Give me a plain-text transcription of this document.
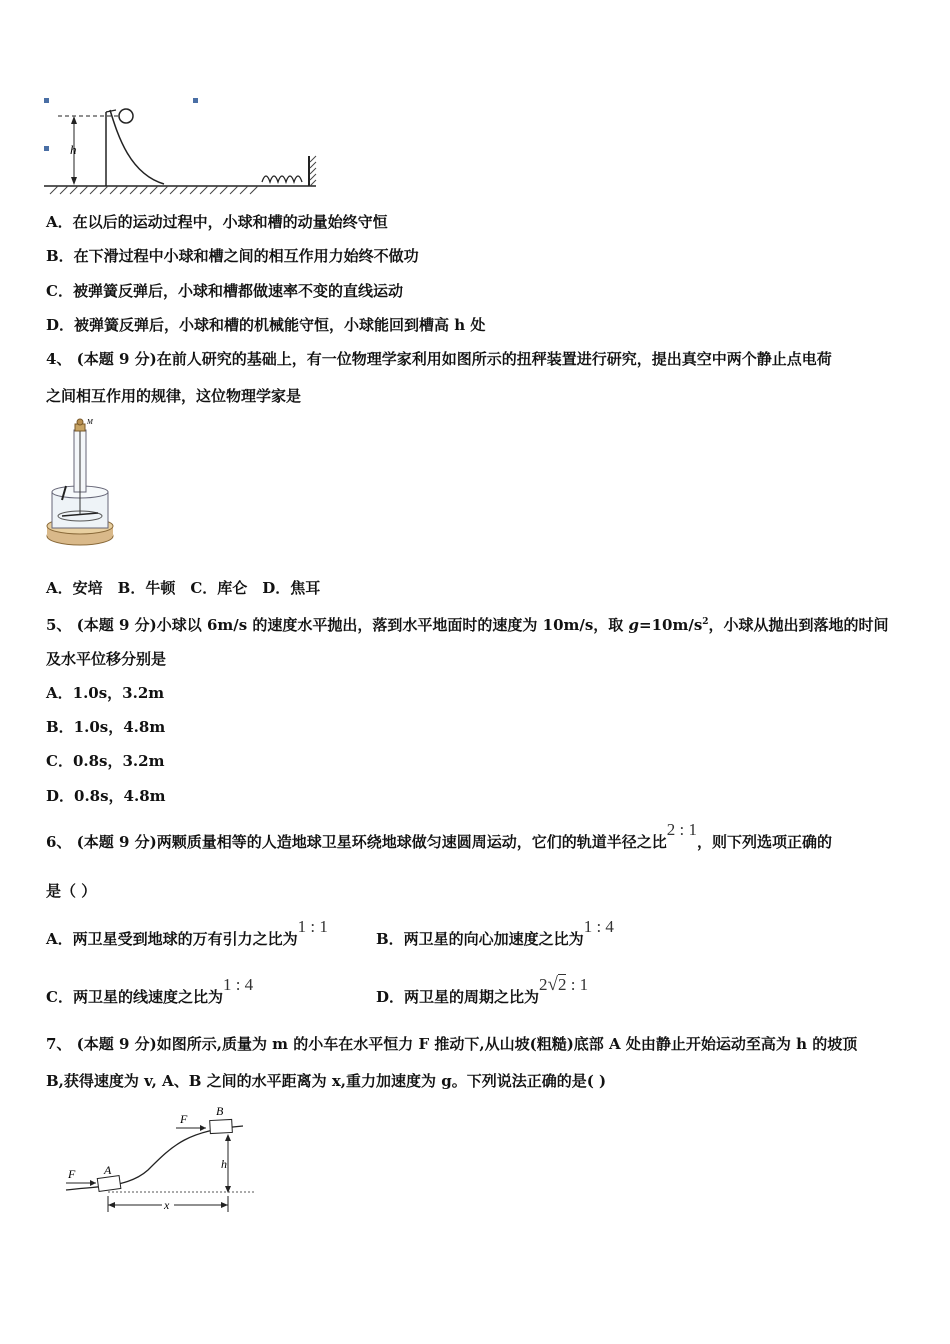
h
A．在以后的运动过程中，小球和槽的动量始终守恒
B．在下滑过程中小球和槽之间的相互作用力始终不做功
C．被弹簧反弹后，小球和槽都做速率不变的直线运动
D．被弹簧反弹后，小球和槽的机械能守恒，小球能回到槽高 h 处
4、 (本题 9 分)在前人研究的基础上，有一位物理学家利用如图所示的扭秤装置进行研究，提出真空中两个静止点电荷
之间相互作用的规律，这位物理学家是
M
A．安培　B．牛顿　C．库仑　D．焦耳
5、 (本题 9 分)小球以 6m/s 的速度水平抛出，落到水平地面时的速度为 10m/s，取 $g=10m/s^2$，小球从抛出到落地的时间
及水平位移分别是
A．1.0s，3.2m
B．1.0s，4.8m
C．0.8s，3.2m
D．0.8s，4.8m
6、 (本题 9 分)两颗质量相等的人造地球卫星环绕地球做匀速圆周运动，它们的轨道半径之比2 : 1，则下列选项正确的
是（ ）
A．两卫星受到地球的万有引力之比为1 : 1
B．两卫星的向心加速度之比为1 : 4
C．两卫星的线速度之比为1 : 4
D．两卫星的周期之比为2√2 : 1
7、 (本题 9 分)如图所示,质量为 m 的小车在水平恒力 F 推动下,从山坡(粗糙)底部 A 处由静止开始运动至高为 h 的坡顶
B,获得速度为 v, A、B 之间的水平距离为 x,重力加速度为 g。下列说法正确的是( )
A
F
B
F
h
x
